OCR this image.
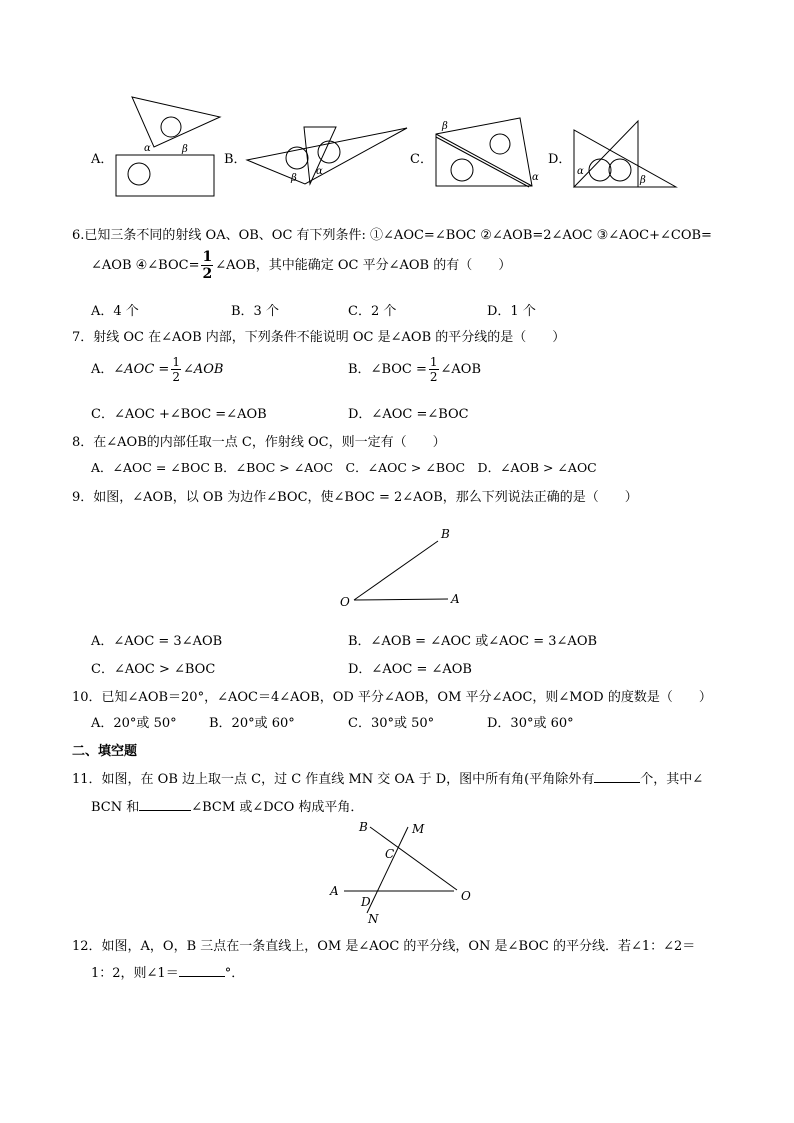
A．
α	β
B．
β
α
C．
β
α
D．
α
β
6.已知三条不同的射线 OA、OB、OC 有下列条件: ①∠AOC=∠BOC ②∠AOB=2∠AOC ③∠AOC+∠COB=
∠AOB ④∠BOC= $\frac{1}{2}$ ∠AOB，其中能确定 OC 平分∠AOB 的有（　　）
A．4 个	B．3 个	C．2 个	D．1 个
7．射线 OC 在∠AOB 内部，下列条件不能说明 OC 是∠AOB 的平分线的是（　　）
A．∠AOC = $\frac{1}{2}$ ∠AOB	B．∠BOC = $\frac{1}{2}$ ∠AOB
C．∠AOC +∠BOC =∠AOB	D．∠AOC =∠BOC
8．在∠AOB的内部任取一点 C，作射线 OC，则一定有（　　）
A．∠AOC = ∠BOC B．∠BOC > ∠AOC　C．∠AOC > ∠BOC　D．∠AOB > ∠AOC
9．如图，∠AOB，以 OB 为边作∠BOC，使∠BOC = 2∠AOB，那么下列说法正确的是（　　）
B
O	A
A．∠AOC = 3∠AOB	B．∠AOB = ∠AOC 或∠AOC = 3∠AOB
C．∠AOC > ∠BOC	D．∠AOC = ∠AOB
10．已知∠AOB＝20°，∠AOC＝4∠AOB，OD 平分∠AOB，OM 平分∠AOC，则∠MOD 的度数是（　　）
A．20°或 50° B．20°或 60°	C．30°或 50°	D．30°或 60°
二、填空题
11．如图，在 OB 边上取一点 C，过 C 作直线 MN 交 OA 于 D，图中所有角(平角除外有	个，其中∠
BCN 和	∠BCM 或∠DCO 构成平角．
B	M
C
A
D	O
N
12．如图，A，O，B 三点在一条直线上，OM 是∠AOC 的平分线，ON 是∠BOC 的平分线．若∠1：∠2＝
1：2，则∠1＝	°．
